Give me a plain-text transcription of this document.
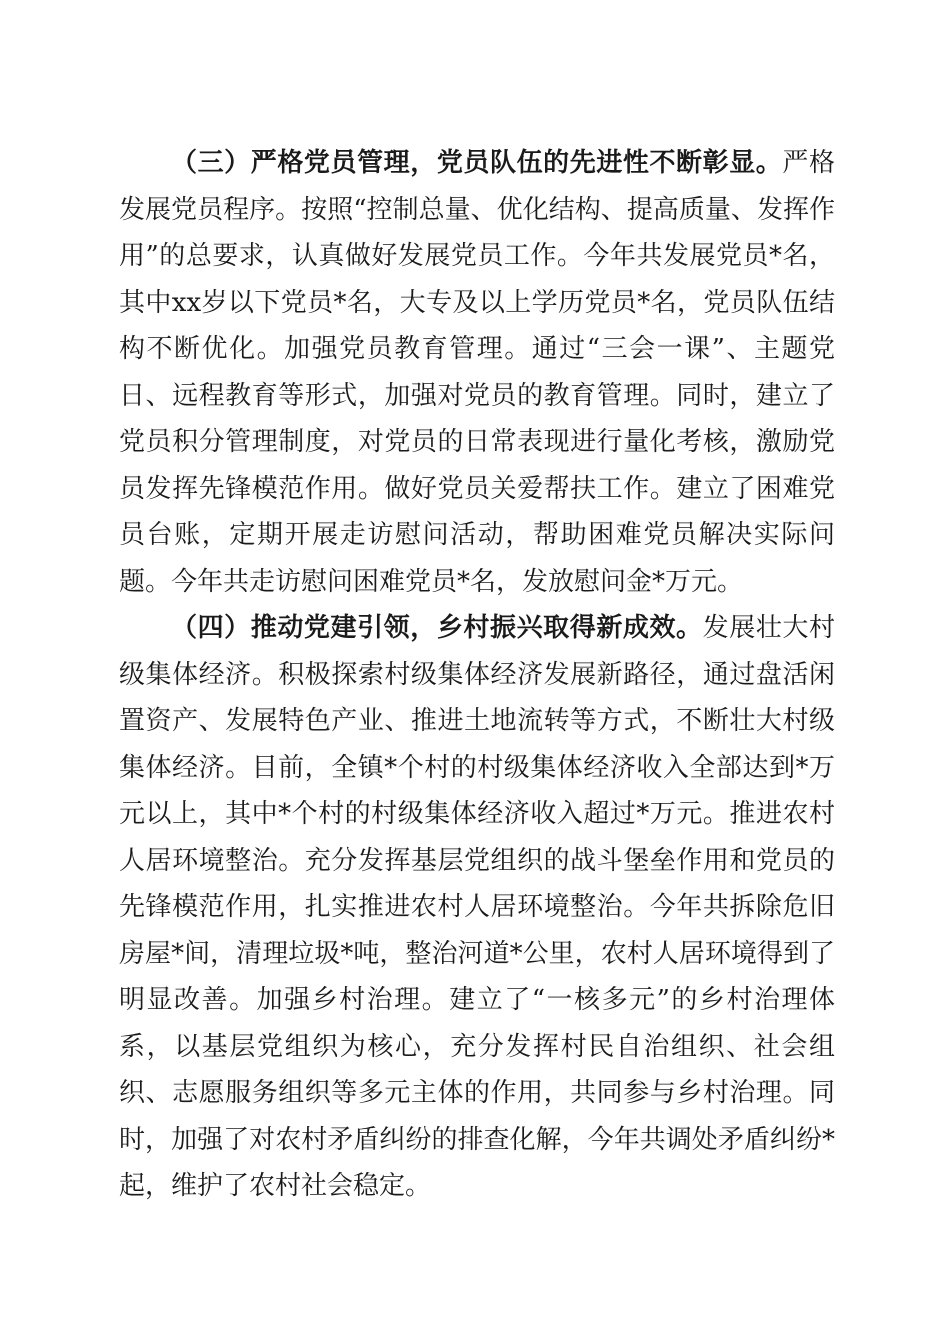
（三）严格党员管理，党员队伍的先进性不断彰显。严格发展党员程序。按照“控制总量、优化结构、提高质量、发挥作用”的总要求，认真做好发展党员工作。今年共发展党员*名，其中xx岁以下党员*名，大专及以上学历党员*名，党员队伍结构不断优化。加强党员教育管理。通过“三会一课”、主题党日、远程教育等形式，加强对党员的教育管理。同时，建立了党员积分管理制度，对党员的日常表现进行量化考核，激励党员发挥先锋模范作用。做好党员关爱帮扶工作。建立了困难党员台账，定期开展走访慰问活动，帮助困难党员解决实际问题。今年共走访慰问困难党员*名，发放慰问金*万元。

（四）推动党建引领，乡村振兴取得新成效。发展壮大村级集体经济。积极探索村级集体经济发展新路径，通过盘活闲置资产、发展特色产业、推进土地流转等方式，不断壮大村级集体经济。目前，全镇*个村的村级集体经济收入全部达到*万元以上，其中*个村的村级集体经济收入超过*万元。推进农村人居环境整治。充分发挥基层党组织的战斗堡垒作用和党员的先锋模范作用，扎实推进农村人居环境整治。今年共拆除危旧房屋*间，清理垃圾*吨，整治河道*公里，农村人居环境得到了明显改善。加强乡村治理。建立了“一核多元”的乡村治理体系，以基层党组织为核心，充分发挥村民自治组织、社会组织、志愿服务组织等多元主体的作用，共同参与乡村治理。同时，加强了对农村矛盾纠纷的排查化解，今年共调处矛盾纠纷*起，维护了农村社会稳定。
